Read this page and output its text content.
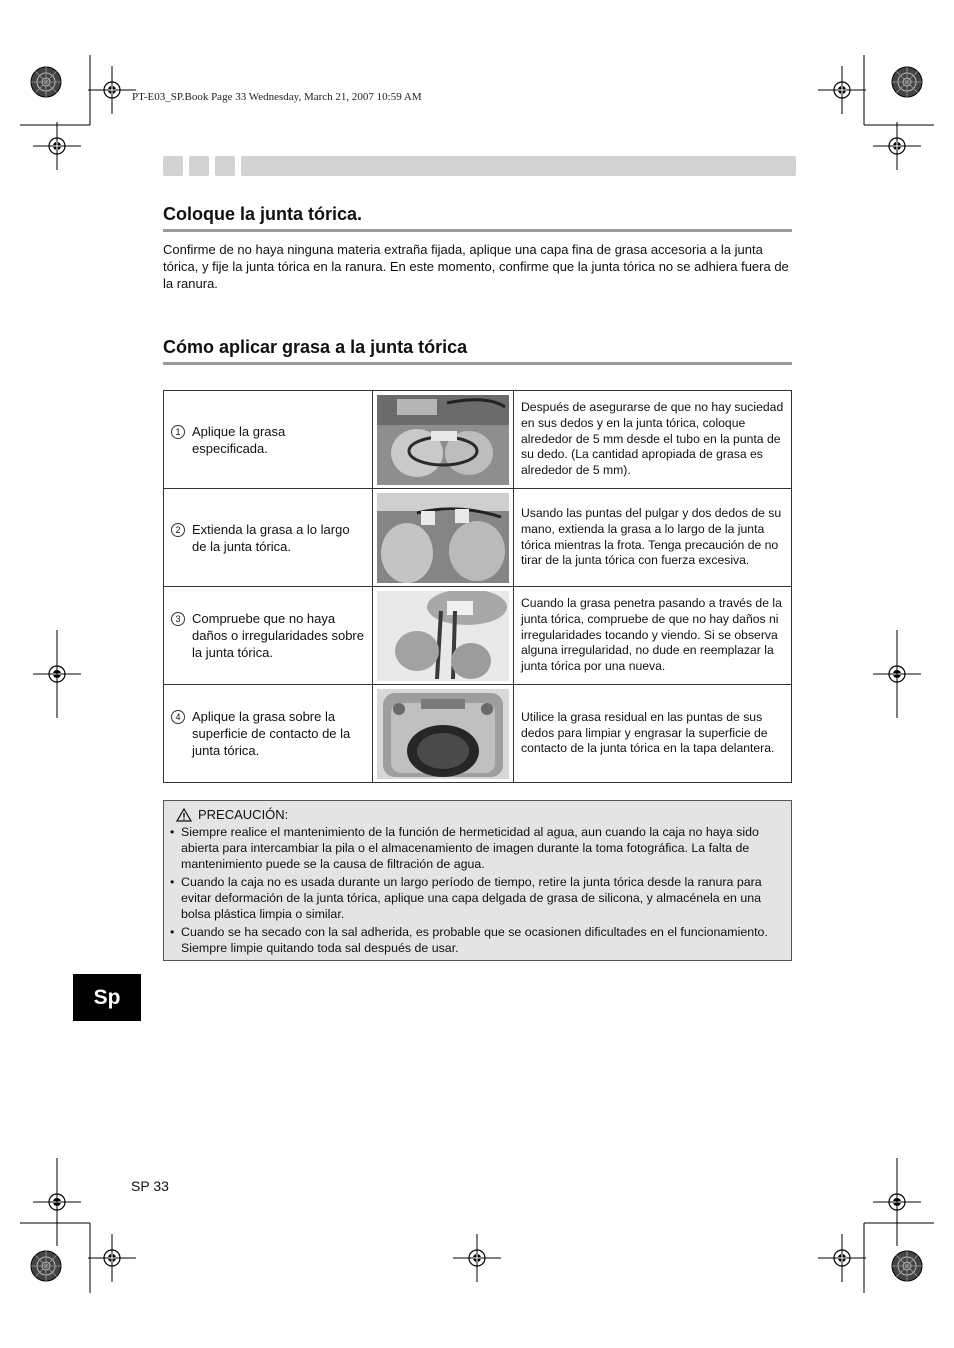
PT-E03_SP.Book Page 33 Wednesday, March 21, 2007 10:59 AM
Coloque la junta tórica.
Confirme de no haya ninguna materia extraña fijada, aplique una capa fina de grasa accesoria a la junta tórica, y fije la junta tórica en la ranura. En este momento, confirme que la junta tórica no se adhiera fuera de la ranura.
Cómo aplicar grasa a la junta tórica
1 Aplique la grasa especificada.		Después de asegurarse de que no hay suciedad en sus dedos y en la junta tórica, coloque alrededor de 5 mm desde el tubo en la punta de su dedo. (La cantidad apropiada de grasa es alrededor de 5 mm).

2 Extienda la grasa a lo largo de la junta tórica.		Usando las puntas del pulgar y dos dedos de su mano, extienda la grasa a lo largo de la junta tórica mientras la frota. Tenga precaución de no tirar de la junta tórica con fuerza excesiva.

3 Compruebe que no haya daños o irregularidades sobre la junta tórica.		Cuando la grasa penetra pasando a través de la junta tórica, compruebe de que no hay daños ni irregularidades tocando y viendo. Si se observa alguna irregularidad, no dude en reemplazar la junta tórica por una nueva.

4 Aplique la grasa sobre la superficie de contacto de la junta tórica.		Utilice la grasa residual en las puntas de sus dedos para limpiar y engrasar la superficie de contacto de la junta tórica en la tapa delantera.
PRECAUCIÓN:
• Siempre realice el mantenimiento de la función de hermeticidad al agua, aun cuando la caja no haya sido abierta para intercambiar la pila o el almacenamiento de imagen durante la toma fotográfica. La falta de mantenimiento puede se la causa de filtración de agua.
• Cuando la caja no es usada durante un largo período de tiempo, retire la junta tórica desde la ranura para evitar deformación de la junta tórica, aplique una capa delgada de grasa de silicona, y almacénela en una bolsa plástica limpia o similar.
• Cuando se ha secado con la sal adherida, es probable que se ocasionen dificultades en el funcionamiento. Siempre limpie quitando toda sal después de usar.
Sp
SP 33
